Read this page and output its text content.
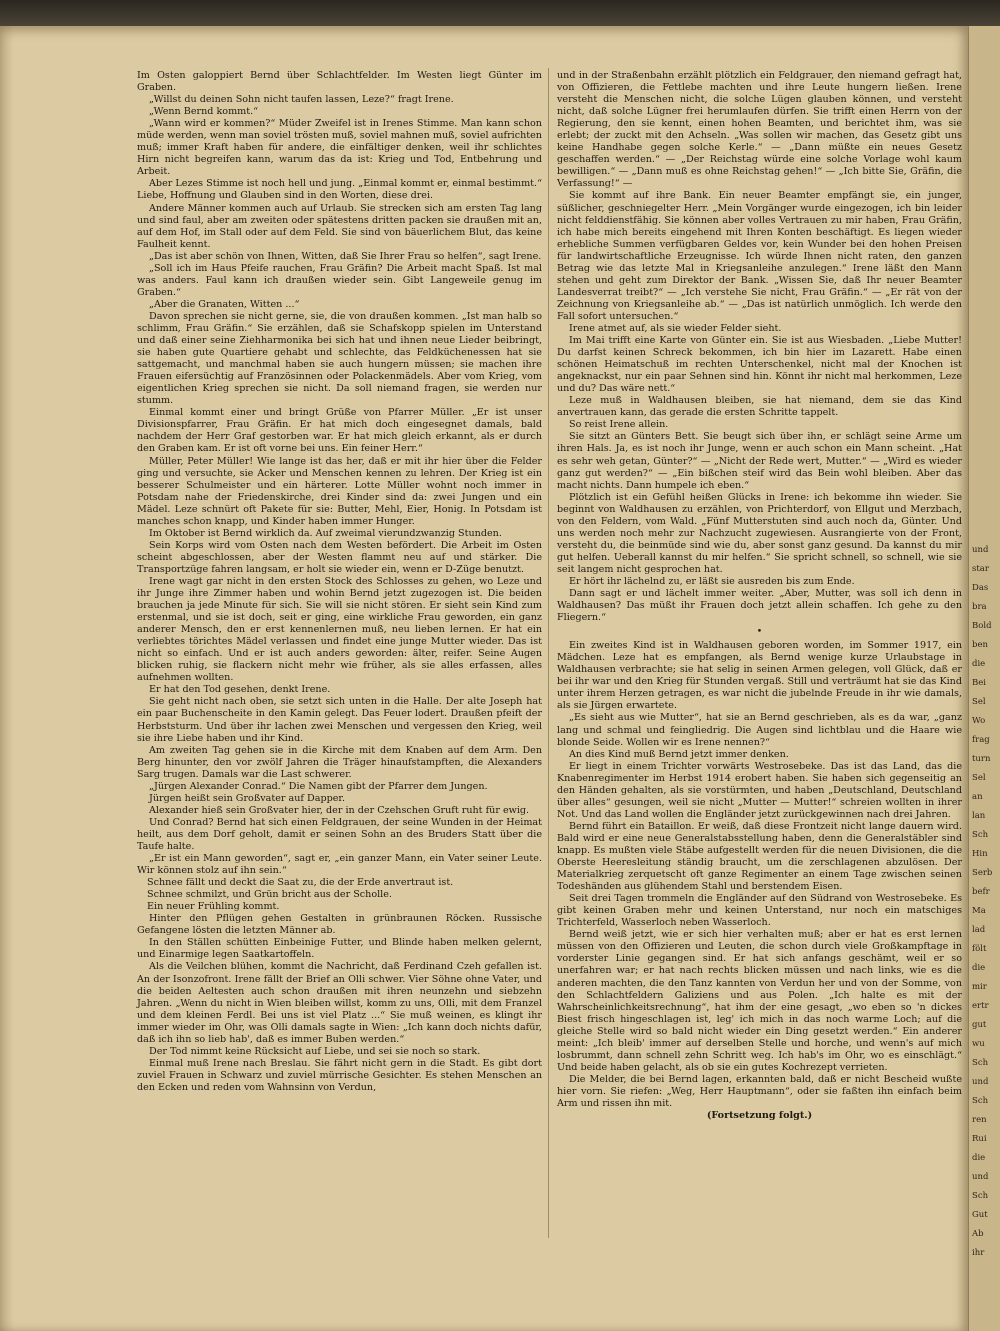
und
star
Das
bra
Bold
ben
die
Bei
Sel
Wo
frag
turn
Sel
an
lan
Sch
Hin
Serb
befr
Ma
lad
fölt
die
mir
ertr
gut
wu
Sch
und
Sch
ren
Rui
die
und
Sch
Gut
Ab
ihr

Im Osten galoppiert Bernd über Schlachtfelder. Im Westen liegt Günter im Graben.

„Willst du deinen Sohn nicht taufen lassen, Leze?“ fragt Irene.

„Wenn Bernd kommt.“

„Wann wird er kommen?“ Müder Zweifel ist in Irenes Stimme. Man kann schon müde werden, wenn man soviel trösten muß, soviel mahnen muß, soviel aufrichten muß; immer Kraft haben für andere, die einfältiger denken, weil ihr schlichtes Hirn nicht begreifen kann, warum das da ist: Krieg und Tod, Entbehrung und Arbeit.

Aber Lezes Stimme ist noch hell und jung. „Einmal kommt er, einmal bestimmt.“ Liebe, Hoffnung und Glauben sind in den Worten, diese drei.

Andere Männer kommen auch auf Urlaub. Sie strecken sich am ersten Tag lang und sind faul, aber am zweiten oder spätestens dritten packen sie draußen mit an, auf dem Hof, im Stall oder auf dem Feld. Sie sind von bäuerlichem Blut, das keine Faulheit kennt.

„Das ist aber schön von Ihnen, Witten, daß Sie Ihrer Frau so helfen“, sagt Irene.

„Soll ich im Haus Pfeife rauchen, Frau Gräfin? Die Arbeit macht Spaß. Ist mal was anders. Faul kann ich draußen wieder sein. Gibt Langeweile genug im Graben.“

„Aber die Granaten, Witten ...“

Davon sprechen sie nicht gerne, sie, die von draußen kommen. „Ist man halb so schlimm, Frau Gräfin.“ Sie erzählen, daß sie Schafskopp spielen im Unterstand und daß einer seine Ziehharmonika bei sich hat und ihnen neue Lieder beibringt, sie haben gute Quartiere gehabt und schlechte, das Feldküchenessen hat sie sattgemacht, und manchmal haben sie auch hungern müssen; sie machen ihre Frauen eifersüchtig auf Französinnen oder Polackenmädels. Aber vom Krieg, vom eigentlichen Krieg sprechen sie nicht. Da soll niemand fragen, sie werden nur stumm.

Einmal kommt einer und bringt Grüße von Pfarrer Müller. „Er ist unser Divisionspfarrer, Frau Gräfin. Er hat mich doch eingesegnet damals, bald nachdem der Herr Graf gestorben war. Er hat mich gleich erkannt, als er durch den Graben kam. Er ist oft vorne bei uns. Ein feiner Herr.“

Müller, Peter Müller! Wie lange ist das her, daß er mit ihr hier über die Felder ging und versuchte, sie Acker und Menschen kennen zu lehren. Der Krieg ist ein besserer Schulmeister und ein härterer. Lotte Müller wohnt noch immer in Potsdam nahe der Friedenskirche, drei Kinder sind da: zwei Jungen und ein Mädel. Leze schnürt oft Pakete für sie: Butter, Mehl, Eier, Honig. In Potsdam ist manches schon knapp, und Kinder haben immer Hunger.

Im Oktober ist Bernd wirklich da. Auf zweimal vierundzwanzig Stunden.

Sein Korps wird vom Osten nach dem Westen befördert. Die Arbeit im Osten scheint abgeschlossen, aber der Westen flammt neu auf und stärker. Die Transportzüge fahren langsam, er holt sie wieder ein, wenn er D-Züge benutzt.

Irene wagt gar nicht in den ersten Stock des Schlosses zu gehen, wo Leze und ihr Junge ihre Zimmer haben und wohin Bernd jetzt zugezogen ist. Die beiden brauchen ja jede Minute für sich. Sie will sie nicht stören. Er sieht sein Kind zum erstenmal, und sie ist doch, seit er ging, eine wirkliche Frau geworden, ein ganz anderer Mensch, den er erst kennenlernen muß, neu lieben lernen. Er hat ein verliebtes törichtes Mädel verlassen und findet eine junge Mutter wieder. Das ist nicht so einfach. Und er ist auch anders geworden: älter, reifer. Seine Augen blicken ruhig, sie flackern nicht mehr wie früher, als sie alles erfassen, alles aufnehmen wollten.

Er hat den Tod gesehen, denkt Irene.

Sie geht nicht nach oben, sie setzt sich unten in die Halle. Der alte Joseph hat ein paar Buchenscheite in den Kamin gelegt. Das Feuer lodert. Draußen pfeift der Herbststurm. Und über ihr lachen zwei Menschen und vergessen den Krieg, weil sie ihre Liebe haben und ihr Kind.

Am zweiten Tag gehen sie in die Kirche mit dem Knaben auf dem Arm. Den Berg hinunter, den vor zwölf Jahren die Träger hinaufstampften, die Alexanders Sarg trugen. Damals war die Last schwerer.

„Jürgen Alexander Conrad.“ Die Namen gibt der Pfarrer dem Jungen.

Jürgen heißt sein Großvater auf Dapper.

Alexander hieß sein Großvater hier, der in der Czehschen Gruft ruht für ewig.

Und Conrad? Bernd hat sich einen Feldgrauen, der seine Wunden in der Heimat heilt, aus dem Dorf geholt, damit er seinen Sohn an des Bruders Statt über die Taufe halte.

„Er ist ein Mann geworden“, sagt er, „ein ganzer Mann, ein Vater seiner Leute. Wir können stolz auf ihn sein.“

Schnee fällt und deckt die Saat zu, die der Erde anvertraut ist.
Schnee schmilzt, und Grün bricht aus der Scholle.
Ein neuer Frühling kommt.

Hinter den Pflügen gehen Gestalten in grünbraunen Röcken. Russische Gefangene lösten die letzten Männer ab.

In den Ställen schütten Einbeinige Futter, und Blinde haben melken gelernt, und Einarmige legen Saatkartoffeln.

Als die Veilchen blühen, kommt die Nachricht, daß Ferdinand Czeh gefallen ist. An der Isonzofront. Irene fällt der Brief an Olli schwer. Vier Söhne ohne Vater, und die beiden Aeltesten auch schon draußen mit ihren neunzehn und siebzehn Jahren. „Wenn du nicht in Wien bleiben willst, komm zu uns, Olli, mit dem Franzel und dem kleinen Ferdl. Bei uns ist viel Platz ...“ Sie muß weinen, es klingt ihr immer wieder im Ohr, was Olli damals sagte in Wien: „Ich kann doch nichts dafür, daß ich ihn so lieb hab', daß es immer Buben werden.“

Der Tod nimmt keine Rücksicht auf Liebe, und sei sie noch so stark.

Einmal muß Irene nach Breslau. Sie fährt nicht gern in die Stadt. Es gibt dort zuviel Frauen in Schwarz und zuviel mürrische Gesichter. Es stehen Menschen an den Ecken und reden vom Wahnsinn von Verdun,

und in der Straßenbahn erzählt plötzlich ein Feldgrauer, den niemand gefragt hat, von Offizieren, die Fettlebe machten und ihre Leute hungern ließen. Irene versteht die Menschen nicht, die solche Lügen glauben können, und versteht nicht, daß solche Lügner frei herumlaufen dürfen. Sie trifft einen Herrn von der Regierung, den sie kennt, einen hohen Beamten, und berichtet ihm, was sie erlebt; der zuckt mit den Achseln. „Was sollen wir machen, das Gesetz gibt uns keine Handhabe gegen solche Kerle.“ — „Dann müßte ein neues Gesetz geschaffen werden.“ — „Der Reichstag würde eine solche Vorlage wohl kaum bewilligen.“ — „Dann muß es ohne Reichstag gehen!“ — „Ich bitte Sie, Gräfin, die Verfassung!“ —

Sie kommt auf ihre Bank. Ein neuer Beamter empfängt sie, ein junger, süßlicher, geschniegelter Herr. „Mein Vorgänger wurde eingezogen, ich bin leider nicht felddienstfähig. Sie können aber volles Vertrauen zu mir haben, Frau Gräfin, ich habe mich bereits eingehend mit Ihren Konten beschäftigt. Es liegen wieder erhebliche Summen verfügbaren Geldes vor, kein Wunder bei den hohen Preisen für landwirtschaftliche Erzeugnisse. Ich würde Ihnen nicht raten, den ganzen Betrag wie das letzte Mal in Kriegsanleihe anzulegen.“ Irene läßt den Mann stehen und geht zum Direktor der Bank. „Wissen Sie, daß Ihr neuer Beamter Landesverrat treibt?“ — „Ich verstehe Sie nicht, Frau Gräfin.“ — „Er rät von der Zeichnung von Kriegsanleihe ab.“ — „Das ist natürlich unmöglich. Ich werde den Fall sofort untersuchen.“

Irene atmet auf, als sie wieder Felder sieht.

Im Mai trifft eine Karte von Günter ein. Sie ist aus Wiesbaden. „Liebe Mutter! Du darfst keinen Schreck bekommen, ich bin hier im Lazarett. Habe einen schönen Heimatschuß im rechten Unterschenkel, nicht mal der Knochen ist angeknackst, nur ein paar Sehnen sind hin. Könnt ihr nicht mal herkommen, Leze und du? Das wäre nett.“

Leze muß in Waldhausen bleiben, sie hat niemand, dem sie das Kind anvertrauen kann, das gerade die ersten Schritte tappelt.

So reist Irene allein.

Sie sitzt an Günters Bett. Sie beugt sich über ihn, er schlägt seine Arme um ihren Hals. Ja, es ist noch ihr Junge, wenn er auch schon ein Mann scheint. „Hat es sehr weh getan, Günter?“ — „Nicht der Rede wert, Mutter.“ — „Wird es wieder ganz gut werden?“ — „Ein bißchen steif wird das Bein wohl bleiben. Aber das macht nichts. Dann humpele ich eben.“

Plötzlich ist ein Gefühl heißen Glücks in Irene: ich bekomme ihn wieder. Sie beginnt von Waldhausen zu erzählen, von Prichterdorf, von Ellgut und Merzbach, von den Feldern, vom Wald. „Fünf Mutterstuten sind auch noch da, Günter. Und uns werden noch mehr zur Nachzucht zugewiesen. Ausrangierte von der Front, versteht du, die beinmüde sind wie du, aber sonst ganz gesund. Da kannst du mir gut helfen. Ueberall kannst du mir helfen.“ Sie spricht schnell, so schnell, wie sie seit langem nicht gesprochen hat.

Er hört ihr lächelnd zu, er läßt sie ausreden bis zum Ende.

Dann sagt er und lächelt immer weiter. „Aber, Mutter, was soll ich denn in Waldhausen? Das müßt ihr Frauen doch jetzt allein schaffen. Ich gehe zu den Fliegern.“

•

Ein zweites Kind ist in Waldhausen geboren worden, im Sommer 1917, ein Mädchen. Leze hat es empfangen, als Bernd wenige kurze Urlaubstage in Waldhausen verbrachte; sie hat selig in seinen Armen gelegen, voll Glück, daß er bei ihr war und den Krieg für Stunden vergaß. Still und verträumt hat sie das Kind unter ihrem Herzen getragen, es war nicht die jubelnde Freude in ihr wie damals, als sie Jürgen erwartete.

„Es sieht aus wie Mutter“, hat sie an Bernd geschrieben, als es da war, „ganz lang und schmal und feingliedrig. Die Augen sind lichtblau und die Haare wie blonde Seide. Wollen wir es Irene nennen?“

An dies Kind muß Bernd jetzt immer denken.

Er liegt in einem Trichter vorwärts Westrosebeke. Das ist das Land, das die Knabenregimenter im Herbst 1914 erobert haben. Sie haben sich gegenseitig an den Händen gehalten, als sie vorstürmten, und haben „Deutschland, Deutschland über alles“ gesungen, weil sie nicht „Mutter — Mutter!“ schreien wollten in ihrer Not. Und das Land wollen die Engländer jetzt zurückgewinnen nach drei Jahren.

Bernd führt ein Bataillon. Er weiß, daß diese Frontzeit nicht lange dauern wird. Bald wird er eine neue Generalstabsstellung haben, denn die Generalstäbler sind knapp. Es mußten viele Stäbe aufgestellt werden für die neuen Divisionen, die die Oberste Heeresleitung ständig braucht, um die zerschlagenen abzulösen. Der Materialkrieg zerquetscht oft ganze Regimenter an einem Tage zwischen seinen Todeshänden aus glühendem Stahl und berstendem Eisen.

Seit drei Tagen trommeln die Engländer auf den Südrand von Westrosebeke. Es gibt keinen Graben mehr und keinen Unterstand, nur noch ein matschiges Trichterfeld, Wasserloch neben Wasserloch.

Bernd weiß jetzt, wie er sich hier verhalten muß; aber er hat es erst lernen müssen von den Offizieren und Leuten, die schon durch viele Großkampftage in vorderster Linie gegangen sind. Er hat sich anfangs geschämt, weil er so unerfahren war; er hat nach rechts blicken müssen und nach links, wie es die anderen machten, die den Tanz kannten von Verdun her und von der Somme, von den Schlachtfeldern Galiziens und aus Polen. „Ich halte es mit der Wahrscheinlichkeitsrechnung“, hat ihm der eine gesagt, „wo eben so 'n dickes Biest frisch hingeschlagen ist, leg' ich mich in das noch warme Loch; auf die gleiche Stelle wird so bald nicht wieder ein Ding gesetzt werden.“ Ein anderer meint: „Ich bleib' immer auf derselben Stelle und horche, und wenn's auf mich losbrummt, dann schnell zehn Schritt weg. Ich hab's im Ohr, wo es einschlägt.“ Und beide haben gelacht, als ob sie ein gutes Kochrezept verrieten.

Die Melder, die bei Bernd lagen, erkannten bald, daß er nicht Bescheid wußte hier vorn. Sie riefen: „Weg, Herr Hauptmann“, oder sie faßten ihn einfach beim Arm und rissen ihn mit.

(Fortsetzung folgt.)
